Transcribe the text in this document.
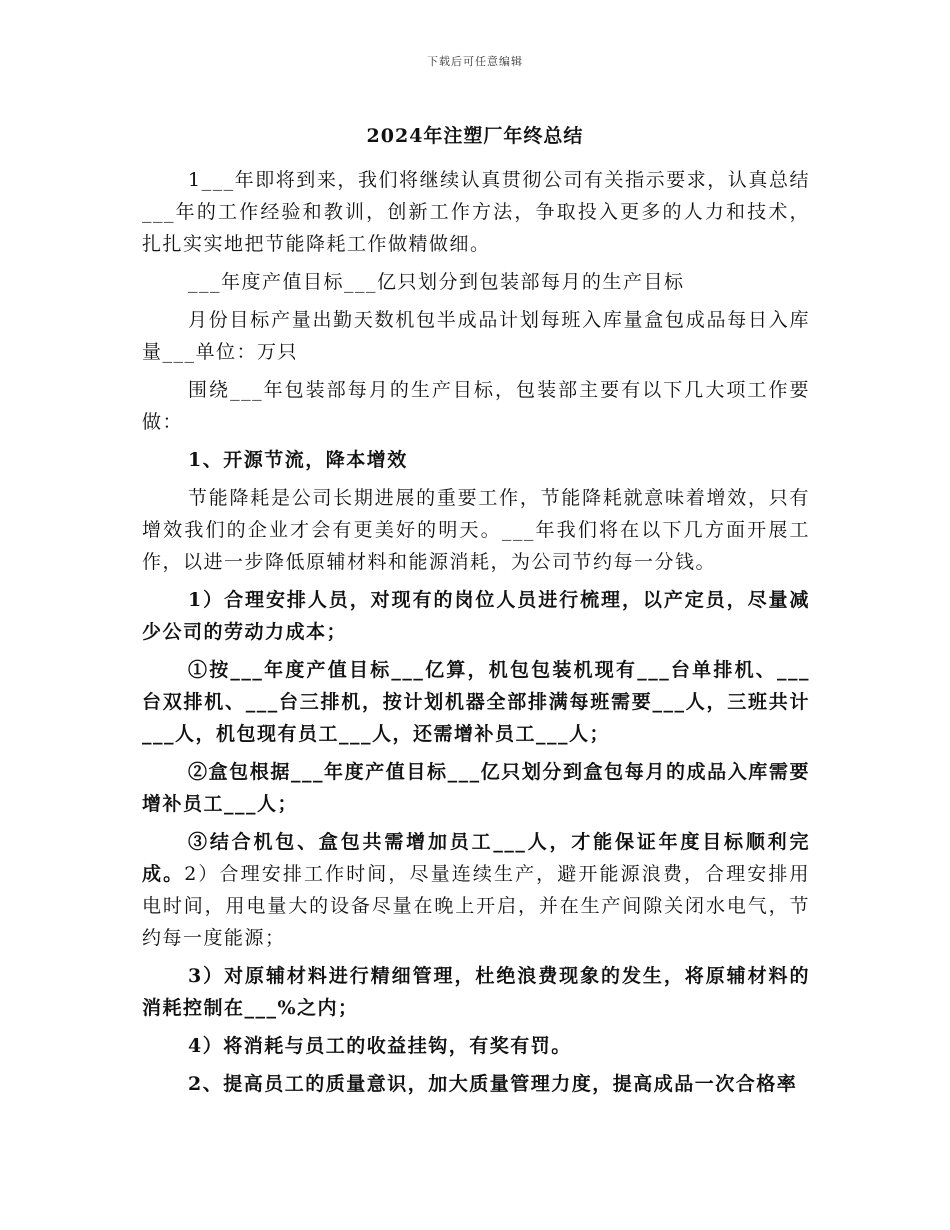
下载后可任意编辑
2024年注塑厂年终总结

1___年即将到来，我们将继续认真贯彻公司有关指示要求，认真总结___年的工作经验和教训，创新工作方法，争取投入更多的人力和技术，扎扎实实地把节能降耗工作做精做细。

___年度产值目标___亿只划分到包装部每月的生产目标

月份目标产量出勤天数机包半成品计划每班入库量盒包成品每日入库量___单位：万只

围绕___年包装部每月的生产目标，包装部主要有以下几大项工作要做：

1、开源节流，降本增效

节能降耗是公司长期进展的重要工作，节能降耗就意味着增效，只有增效我们的企业才会有更美好的明天。___年我们将在以下几方面开展工作，以进一步降低原辅材料和能源消耗，为公司节约每一分钱。

1）合理安排人员，对现有的岗位人员进行梳理，以产定员，尽量减少公司的劳动力成本；

①按___年度产值目标___亿算，机包包装机现有___台单排机、___台双排机、___台三排机，按计划机器全部排满每班需要___人，三班共计___人，机包现有员工___人，还需增补员工___人；

②盒包根据___年度产值目标___亿只划分到盒包每月的成品入库需要增补员工___人；

③结合机包、盒包共需增加员工___人，才能保证年度目标顺利完成。2）合理安排工作时间，尽量连续生产，避开能源浪费，合理安排用电时间，用电量大的设备尽量在晚上开启，并在生产间隙关闭水电气，节约每一度能源；

3）对原辅材料进行精细管理，杜绝浪费现象的发生，将原辅材料的消耗控制在___%之内；

4）将消耗与员工的收益挂钩，有奖有罚。

2、提高员工的质量意识，加大质量管理力度，提高成品一次合格率
